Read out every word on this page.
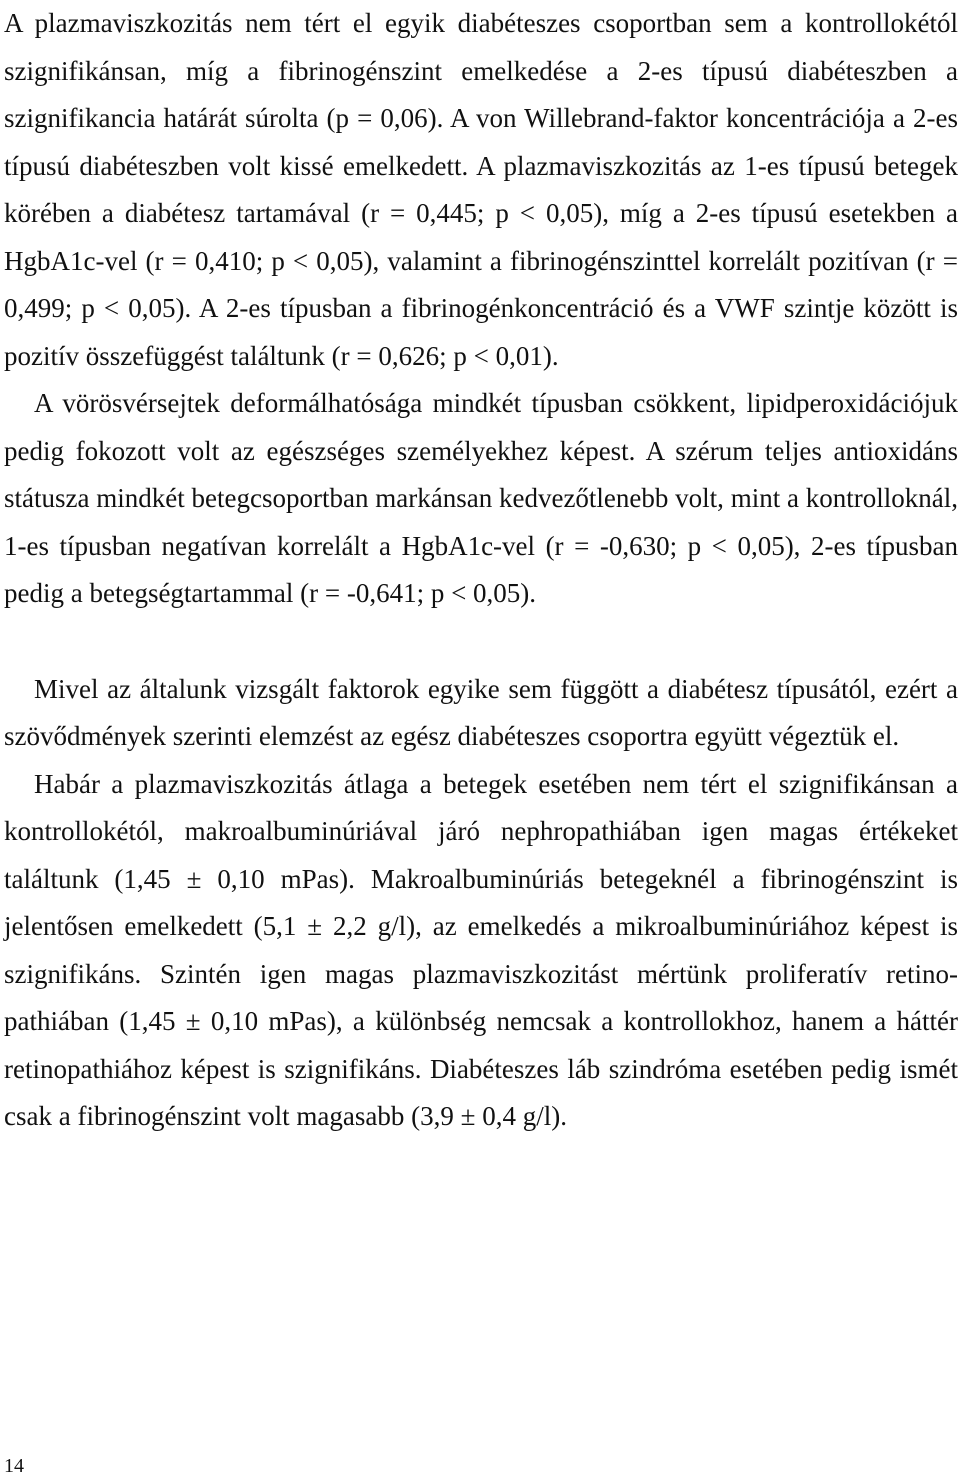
A plazmaviszkozitás nem tért el egyik diabéteszes csoportban sem a kontrollokétól szignifikánsan, míg a fibrinogénszint emelkedése a 2-es típusú diabéteszben a szignifikancia határát súrolta (p = 0,06). A von Willebrand-faktor koncentrációja a 2-es típusú diabéteszben volt kissé emelkedett. A plazmaviszkozitás az 1-es típusú betegek körében a diabétesz tartamával (r = 0,445; p < 0,05), míg a 2-es típusú esetekben a HgbA1c-vel (r = 0,410; p < 0,05), valamint a fibrinogénszinttel korrelált pozitívan (r = 0,499; p < 0,05). A 2-es típusban a fibrinogénkoncentráció és a VWF szintje között is pozitív összefüggést találtunk (r = 0,626; p < 0,01).

A vörösvérsejtek deformálhatósága mindkét típusban csökkent, lipidperoxidációjuk pedig fokozott volt az egészséges személyekhez képest. A szérum teljes antioxidáns státusza mindkét betegcsoportban markánsan kedvezőtlenebb volt, mint a kontrolloknál, 1-es típusban negatívan korrelált a HgbA1c-vel (r = -0,630; p < 0,05), 2-es típusban pedig a betegségtartammal (r = -0,641; p < 0,05).

Mivel az általunk vizsgált faktorok egyike sem függött a diabétesz típusától, ezért a szövődmények szerinti elemzést az egész diabéteszes csoportra együtt végeztük el.

Habár a plazmaviszkozitás átlaga a betegek esetében nem tért el szignifikánsan a kontrollokétól, makroalbuminúriával járó nephropathiában igen magas értékeket találtunk (1,45 ± 0,10 mPas). Makroalbuminúriás betegeknél a fibrinogénszint is jelentősen emelkedett (5,1 ± 2,2 g/l), az emelkedés a mikroalbuminúriához képest is szignifikáns. Szintén igen magas plazmaviszkozitást mértünk proliferatív retinopathiában (1,45 ± 0,10 mPas), a különbség nemcsak a kontrollokhoz, hanem a háttér retinopathiához képest is szignifikáns. Diabéteszes láb szindróma esetében pedig ismét csak a fibrinogénszint volt magasabb (3,9 ± 0,4 g/l).

14
